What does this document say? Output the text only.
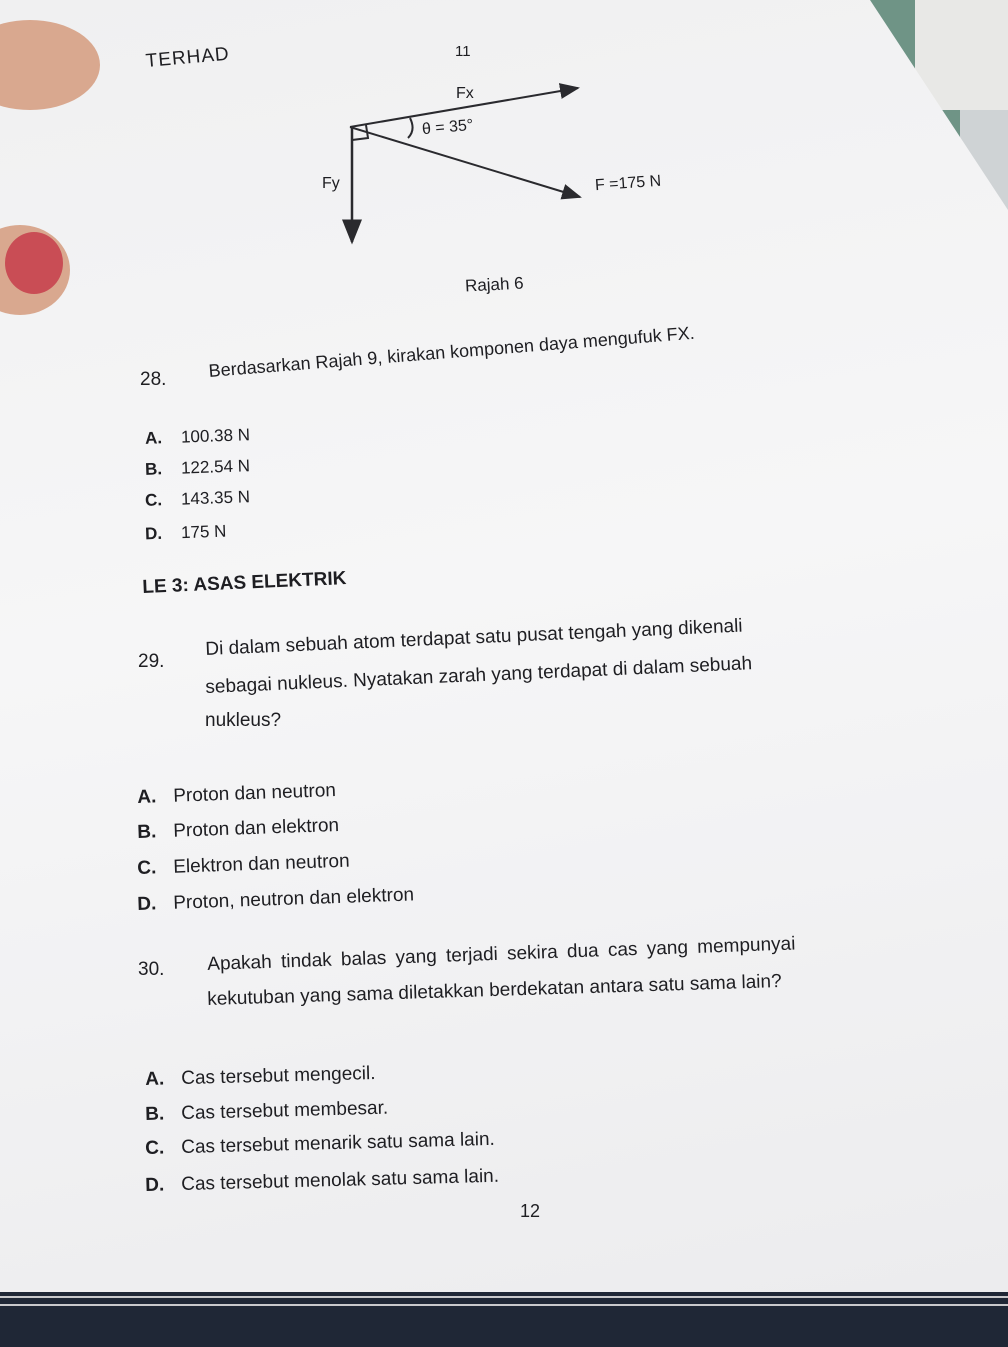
TERHAD	11
Fx
θ = 35°
Fy	F =175 N
Rajah 6
28. Berdasarkan Rajah 9, kirakan komponen daya mengufuk FX.
A. 100.38 N
B. 122.54 N
C. 143.35 N
D. 175 N
LE 3: ASAS ELEKTRIK
29.
Di dalam sebuah atom terdapat satu pusat tengah yang dikenali
sebagai nukleus. Nyatakan zarah yang terdapat di dalam sebuah
nukleus?
A. Proton dan neutron
B. Proton dan elektron
C. Elektron dan neutron
D. Proton, neutron dan elektron
30. Apakah tindak balas yang terjadi sekira dua cas yang mempunyai
kekutuban yang sama diletakkan berdekatan antara satu sama lain?
A. Cas tersebut mengecil.
B. Cas tersebut membesar.
C. Cas tersebut menarik satu sama lain.
D. Cas tersebut menolak satu sama lain.
12
